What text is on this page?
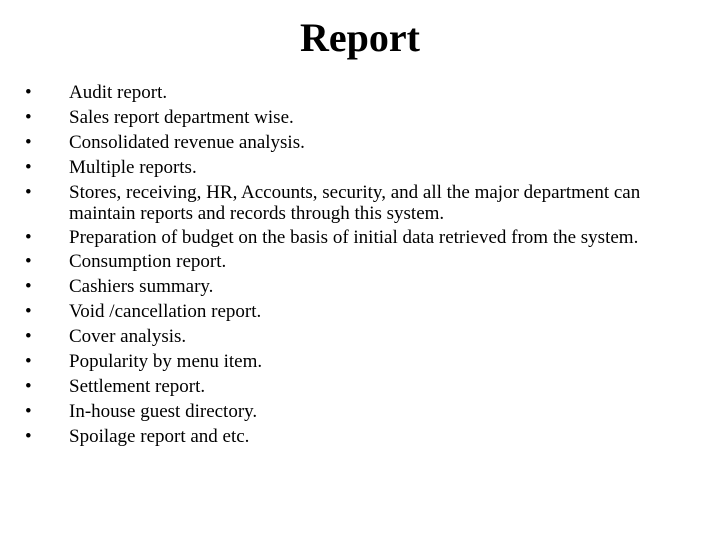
Report
•	Audit report.
•	Sales report department wise.
•	Consolidated revenue analysis.
•	Multiple reports.
•	Stores, receiving, HR, Accounts, security, and all the major department can maintain reports and records through this system.
•	Preparation of budget on the basis of initial data retrieved from the system.
•	Consumption report.
•	Cashiers summary.
•	Void /cancellation report.
•	Cover analysis.
•	Popularity by menu item.
•	Settlement report.
•	In-house guest directory.
•	Spoilage report and etc.
